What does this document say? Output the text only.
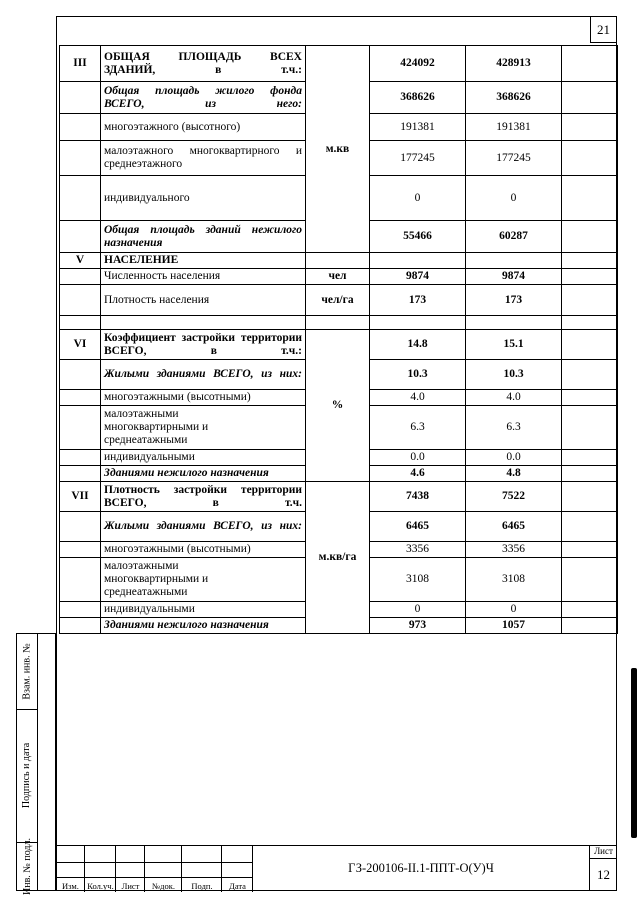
21
III	ОБЩАЯ ПЛОЩАДЬ ВСЕХ ЗДАНИЙ, в т.ч.:	м.кв	424092	428913	
	Общая площадь жилого фонда ВСЕГО, из него:		368626	368626	
	многоэтажного (высотного)		191381	191381	
	малоэтажного многоквартирного и среднеэтажного		177245	177245	
	индивидуального		0	0	
	Общая площадь зданий нежилого назначения		55466	60287	
V	НАСЕЛЕНИЕ				
	Численность населения	чел	9874	9874	
	Плотность населения	чел/га	173	173	

VI	Коэффициент застройки территории ВСЕГО, в т.ч.:	%	14.8	15.1	
	Жилыми зданиями ВСЕГО, из них:		10.3	10.3	
	многоэтажными (высотными)		4.0	4.0	
	малоэтажными многоквартирными и среднеатажными		6.3	6.3	
	индивидуальными		0.0	0.0	
	Зданиями нежилого назначения		4.6	4.8	
VII	Плотность застройки территории ВСЕГО, в т.ч.	м.кв/га	7438	7522	
	Жилыми зданиями ВСЕГО, из них:		6465	6465	
	многоэтажными (высотными)		3356	3356	
	малоэтажными многоквартирными и среднеатажными		3108	3108	
	индивидуальными		0	0	
	Зданиями нежилого назначения		973	1057	
Взам. инв. №
Подпись и дата
Инв. № подл.	Изм. Кол.уч. Лист	№док.	Подп.	Дата
ГЗ-200106-II.1-ППТ-О(У)Ч
Лист
12
